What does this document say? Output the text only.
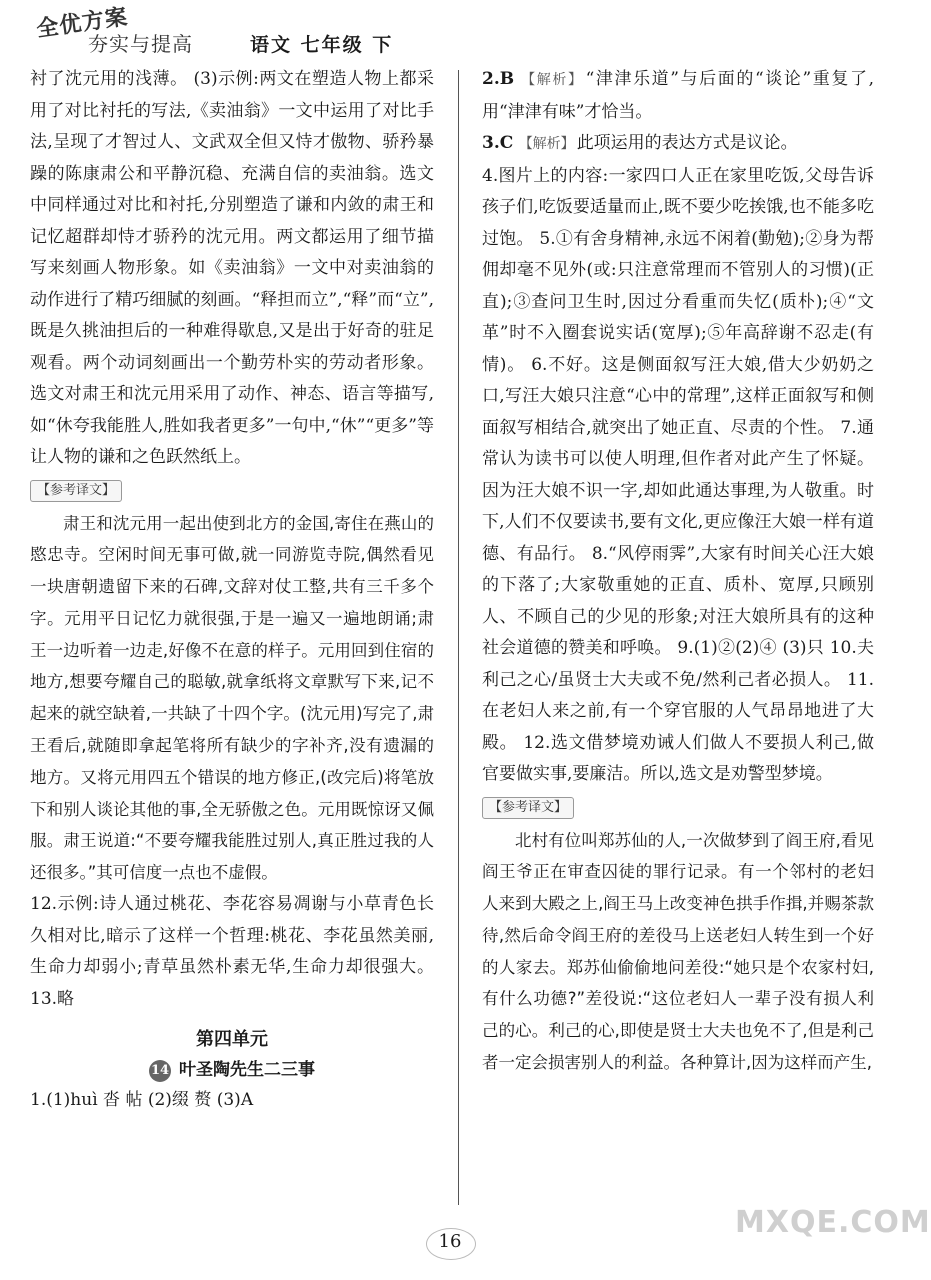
全优方案
夯实与提高	语文 七年级 下

衬了沈元用的浅薄。 (3)示例:两文在塑造人物上都采用了对比衬托的写法,《卖油翁》一文中运用了对比手法,呈现了才智过人、文武双全但又恃才傲物、骄矜暴躁的陈康肃公和平静沉稳、充满自信的卖油翁。选文中同样通过对比和衬托,分别塑造了谦和内敛的肃王和记忆超群却恃才骄矜的沈元用。两文都运用了细节描写来刻画人物形象。如《卖油翁》一文中对卖油翁的动作进行了精巧细腻的刻画。“释担而立”,“释”而“立”,既是久挑油担后的一种难得歇息,又是出于好奇的驻足观看。两个动词刻画出一个勤劳朴实的劳动者形象。选文对肃王和沈元用采用了动作、神态、语言等描写,如“休夸我能胜人,胜如我者更多”一句中,“休”“更多”等让人物的谦和之色跃然纸上。

【参考译文】

肃王和沈元用一起出使到北方的金国,寄住在燕山的愍忠寺。空闲时间无事可做,就一同游览寺院,偶然看见一块唐朝遗留下来的石碑,文辞对仗工整,共有三千多个字。元用平日记忆力就很强,于是一遍又一遍地朗诵;肃王一边听着一边走,好像不在意的样子。元用回到住宿的地方,想要夸耀自己的聪敏,就拿纸将文章默写下来,记不起来的就空缺着,一共缺了十四个字。(沈元用)写完了,肃王看后,就随即拿起笔将所有缺少的字补齐,没有遗漏的地方。又将元用四五个错误的地方修正,(改完后)将笔放下和别人谈论其他的事,全无骄傲之色。元用既惊讶又佩服。肃王说道:“不要夸耀我能胜过别人,真正胜过我的人还很多。”其可信度一点也不虚假。

12.示例:诗人通过桃花、李花容易凋谢与小草青色长久相对比,暗示了这样一个哲理:桃花、李花虽然美丽,生命力却弱小;青草虽然朴素无华,生命力却很强大。 13.略

第四单元
14 叶圣陶先生二三事

1.(1)huì 沓 帖 (2)缀 赘 (3)A

2.B 【解析】 “津津乐道”与后面的“谈论”重复了,用“津津有味”才恰当。

3.C 【解析】 此项运用的表达方式是议论。

4.图片上的内容:一家四口人正在家里吃饭,父母告诉孩子们,吃饭要适量而止,既不要少吃挨饿,也不能多吃过饱。 5.①有舍身精神,永远不闲着(勤勉);②身为帮佣却毫不见外(或:只注意常理而不管别人的习惯)(正直);③查问卫生时,因过分看重而失忆(质朴);④“文革”时不入圈套说实话(宽厚);⑤年高辞谢不忍走(有情)。 6.不好。这是侧面叙写汪大娘,借大少奶奶之口,写汪大娘只注意“心中的常理”,这样正面叙写和侧面叙写相结合,就突出了她正直、尽责的个性。 7.通常认为读书可以使人明理,但作者对此产生了怀疑。因为汪大娘不识一字,却如此通达事理,为人敬重。时下,人们不仅要读书,要有文化,更应像汪大娘一样有道德、有品行。 8.“风停雨霁”,大家有时间关心汪大娘的下落了;大家敬重她的正直、质朴、宽厚,只顾别人、不顾自己的少见的形象;对汪大娘所具有的这种社会道德的赞美和呼唤。 9.(1)②(2)④ (3)只 10.夫利己之心/虽贤士大夫或不免/然利己者必损人。 11.在老妇人来之前,有一个穿官服的人气昂昂地进了大殿。 12.选文借梦境劝诫人们做人不要损人利己,做官要做实事,要廉洁。所以,选文是劝警型梦境。

【参考译文】

北村有位叫郑苏仙的人,一次做梦到了阎王府,看见阎王爷正在审查囚徒的罪行记录。有一个邻村的老妇人来到大殿之上,阎王马上改变神色拱手作揖,并赐茶款待,然后命令阎王府的差役马上送老妇人转生到一个好的人家去。郑苏仙偷偷地问差役:“她只是个农家村妇,有什么功德?”差役说:“这位老妇人一辈子没有损人利己的心。利己的心,即使是贤士大夫也免不了,但是利己者一定会损害别人的利益。各种算计,因为这样而产生,

16
MXQE.COM
